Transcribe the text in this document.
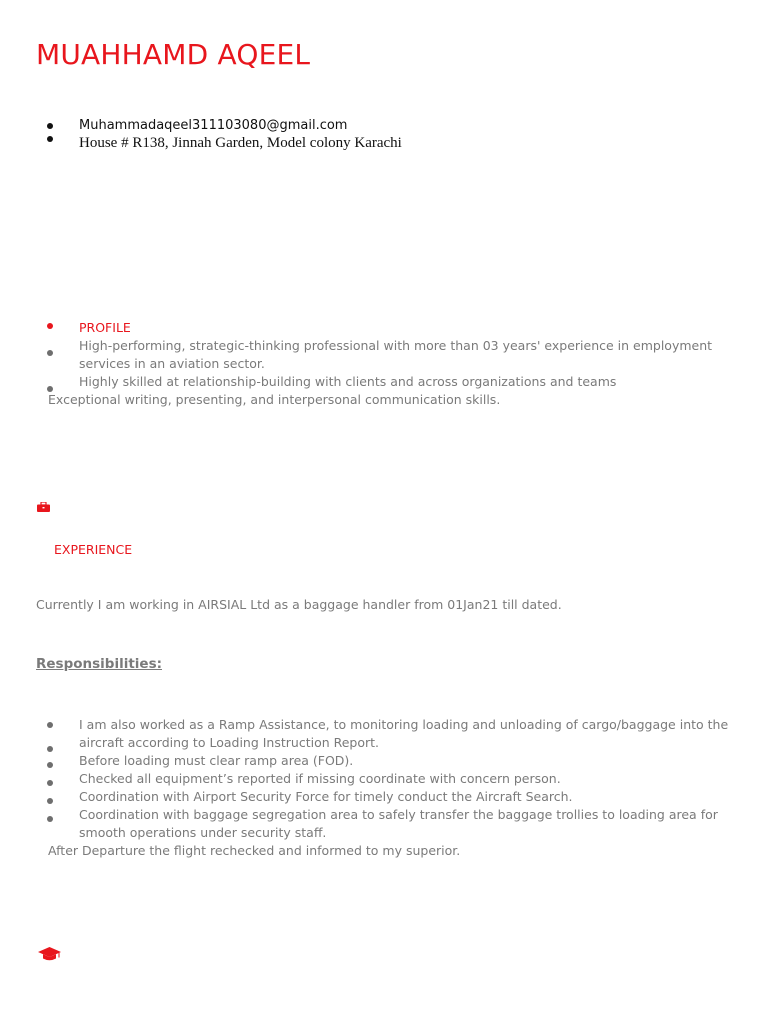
MUAHHAMD AQEEL
Muhammadaqeel311103080@gmail.com
House # R138, Jinnah Garden, Model colony Karachi
PROFILE
High-performing, strategic-thinking professional with more than 03 years' experience in employment services in an aviation sector.
Highly skilled at relationship-building with clients and across organizations and teams
Exceptional writing, presenting, and interpersonal communication skills.
EXPERIENCE
Currently I am working in AIRSIAL Ltd as a baggage handler from 01Jan21 till dated.
Responsibilities:
I am also worked as a Ramp Assistance, to monitoring loading and unloading of cargo/baggage into the aircraft according to Loading Instruction Report.
Before loading must clear ramp area (FOD).
Checked all equipment’s reported if missing coordinate with concern person.
Coordination with Airport Security Force for timely conduct the Aircraft Search.
Coordination with baggage segregation area to safely transfer the baggage trollies to loading area for smooth operations under security staff.
After Departure the flight rechecked and informed to my superior.
